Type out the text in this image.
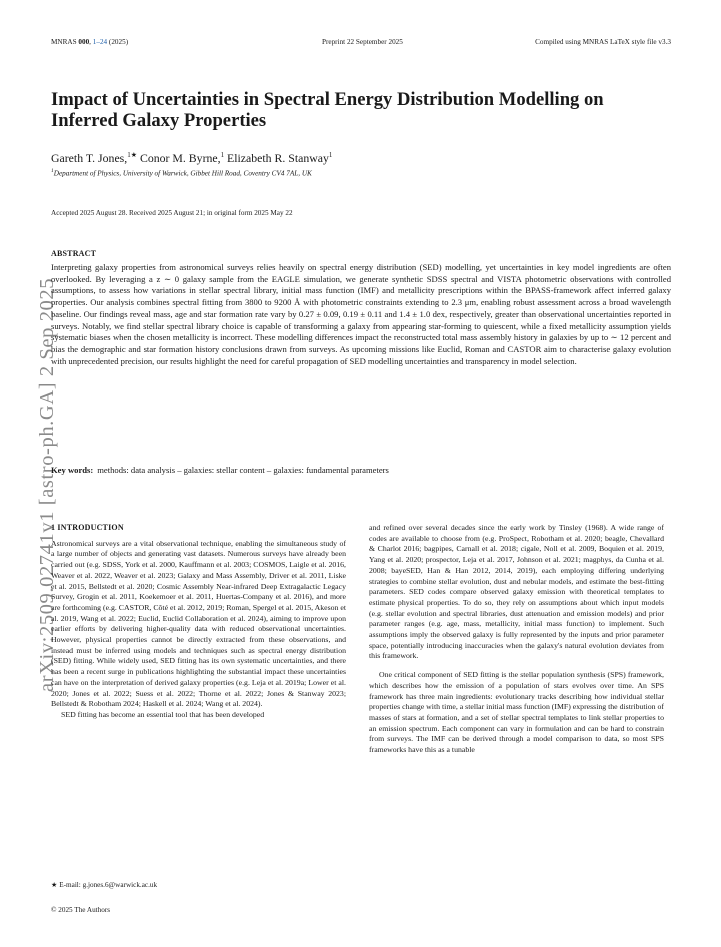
MNRAS 000, 1–24 (2025)	Preprint 22 September 2025	Compiled using MNRAS LaTeX style file v3.3
Impact of Uncertainties in Spectral Energy Distribution Modelling on Inferred Galaxy Properties
Gareth T. Jones,$^{1★}$ Conor M. Byrne,$^1$ Elizabeth R. Stanway$^1$
$^1$Department of Physics, University of Warwick, Gibbet Hill Road, Coventry CV4 7AL, UK
Accepted 2025 August 28. Received 2025 August 21; in original form 2025 May 22
arXiv:2509.02741v1 [astro-ph.GA] 2 Sep 2025
ABSTRACT

Interpreting galaxy properties from astronomical surveys relies heavily on spectral energy distribution (SED) modelling, yet uncertainties in key model ingredients are often overlooked. By leveraging a z ∼ 0 galaxy sample from the EAGLE simulation, we generate synthetic SDSS spectral and VISTA photometric observations with controlled assumptions, to assess how variations in stellar spectral library, initial mass function (IMF) and metallicity prescriptions within the BPASS-framework affect inferred galaxy properties. Our analysis combines spectral fitting from 3800 to 9200 Å with photometric constraints extending to 2.3 μm, enabling robust assessment across a broad wavelength baseline. Our findings reveal mass, age and star formation rate vary by 0.27 ± 0.09, 0.19 ± 0.11 and 1.4 ± 1.0 dex, respectively, greater than observational uncertainties reported in surveys. Notably, we find stellar spectral library choice is capable of transforming a galaxy from appearing star-forming to quiescent, while a fixed metallicity assumption yields systematic biases when the chosen metallicity is incorrect. These modelling differences impact the reconstructed total mass assembly history in galaxies by up to ∼ 12 percent and bias the demographic and star formation history conclusions drawn from surveys. As upcoming missions like Euclid, Roman and CASTOR aim to characterise galaxy evolution with unprecedented precision, our results highlight the need for careful propagation of SED modelling uncertainties and transparency in model selection.

Key words: methods: data analysis – galaxies: stellar content – galaxies: fundamental parameters
1 INTRODUCTION

Astronomical surveys are a vital observational technique, enabling the simultaneous study of a large number of objects and generating vast datasets. Numerous surveys have already been carried out (e.g. SDSS, York et al. 2000, Kauffmann et al. 2003; COSMOS, Laigle et al. 2016, Weaver et al. 2022, Weaver et al. 2023; Galaxy and Mass Assembly, Driver et al. 2011, Liske et al. 2015, Bellstedt et al. 2020; Cosmic Assembly Near-infrared Deep Extragalactic Legacy Survey, Grogin et al. 2011, Koekemoer et al. 2011, Huertas-Company et al. 2016), and more are forthcoming (e.g. CASTOR, Côté et al. 2012, 2019; Roman, Spergel et al. 2015, Akeson et al. 2019, Wang et al. 2022; Euclid, Euclid Collaboration et al. 2024), aiming to improve upon earlier efforts by delivering higher-quality data with reduced observational uncertainties. However, physical properties cannot be directly extracted from these observations, and instead must be inferred using models and techniques such as spectral energy distribution (SED) fitting. While widely used, SED fitting has its own systematic uncertainties, and there has been a recent surge in publications highlighting the substantial impact these uncertainties can have on the interpretation of derived galaxy properties (e.g. Leja et al. 2019a; Lower et al. 2020; Jones et al. 2022; Suess et al. 2022; Thorne et al. 2022; Jones & Stanway 2023; Bellstedt & Robotham 2024; Haskell et al. 2024; Wang et al. 2024).

SED fitting has become an essential tool that has been developed

and refined over several decades since the early work by Tinsley (1968). A wide range of codes are available to choose from (e.g. ProSpect, Robotham et al. 2020; beagle, Chevallard & Charlot 2016; bagpipes, Carnall et al. 2018; cigale, Noll et al. 2009, Boquien et al. 2019, Yang et al. 2020; prospector, Leja et al. 2017, Johnson et al. 2021; magphys, da Cunha et al. 2008; bayeSED, Han & Han 2012, 2014, 2019), each employing differing underlying strategies to combine stellar evolution, dust and nebular models, and estimate the best-fitting parameters. SED codes compare observed galaxy emission with theoretical templates to estimate physical properties. To do so, they rely on assumptions about which input models (e.g. stellar evolution and spectral libraries, dust attenuation and emission models) and prior parameter ranges (e.g. age, mass, metallicity, initial mass function) to implement. Such assumptions imply the observed galaxy is fully represented by the inputs and prior parameter space, potentially introducing inaccuracies when the galaxy's natural evolution deviates from this framework.

One critical component of SED fitting is the stellar population synthesis (SPS) framework, which describes how the emission of a population of stars evolves over time. An SPS framework has three main ingredients: evolutionary tracks describing how individual stellar properties change with time, a stellar initial mass function (IMF) expressing the distribution of masses of stars at formation, and a set of stellar spectral templates to link stellar properties to an emission spectrum. Each component can vary in formulation and can be hard to constrain from surveys. The IMF can be derived through a model comparison to data, so most SPS frameworks have this as a tunable

★ E-mail: g.jones.6@warwick.ac.uk
© 2025 The Authors
